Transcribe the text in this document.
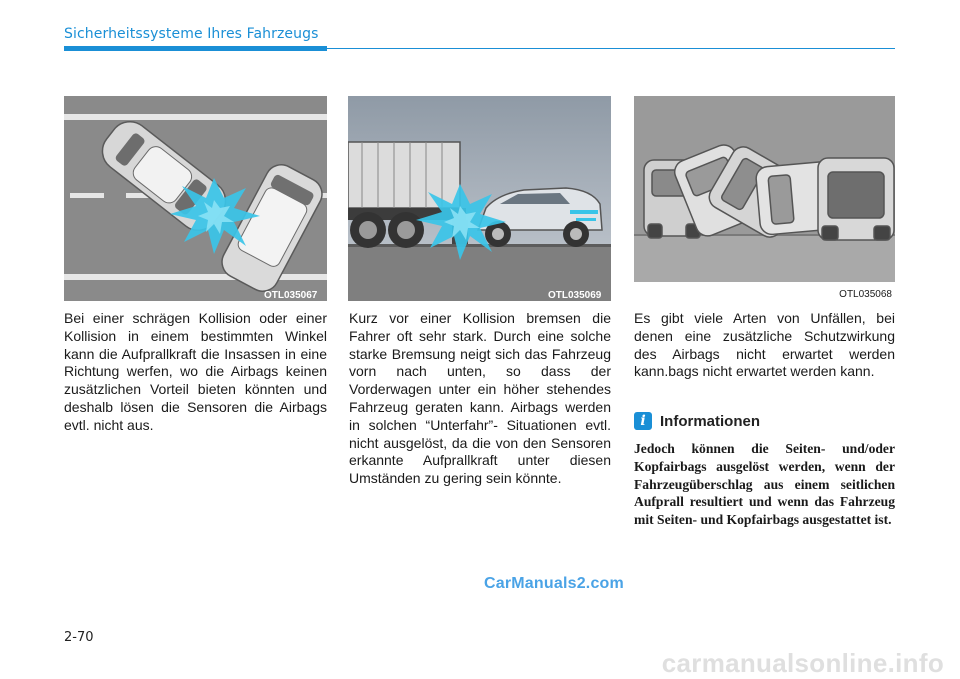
Sicherheitssysteme Ihres Fahrzeugs
OTL035067	OTL035069	OTL035068

Bei einer schrägen Kollision oder einer Kollision in einem bestimmten Winkel kann die Aufprallkraft die Insassen in eine Richtung werfen, wo die Airbags keinen zusätzlichen Vorteil bieten könnten und deshalb lösen die Sensoren die Airbags evtl. nicht aus.

Kurz vor einer Kollision bremsen die Fahrer oft sehr stark. Durch eine solche starke Bremsung neigt sich das Fahrzeug vorn nach unten, so dass der Vorderwagen unter ein höher stehendes Fahrzeug geraten kann. Airbags werden in solchen “Unterfahr”- Situationen evtl. nicht ausgelöst, da die von den Sensoren erkannte Aufprallkraft unter diesen Umständen zu gering sein könnte.

Es gibt viele Arten von Unfällen, bei denen eine zusätzliche Schutzwirkung des Airbags nicht erwartet werden kann.bags nicht erwartet werden kann.

i Informationen

Jedoch können die Seiten- und/oder Kopfairbags ausgelöst werden, wenn der Fahrzeugüberschlag aus einem seitlichen Aufprall resultiert und wenn das Fahrzeug mit Seiten- und Kopfairbags ausgestattet ist.

CarManuals2.com
2-70
carmanualsonline.info
